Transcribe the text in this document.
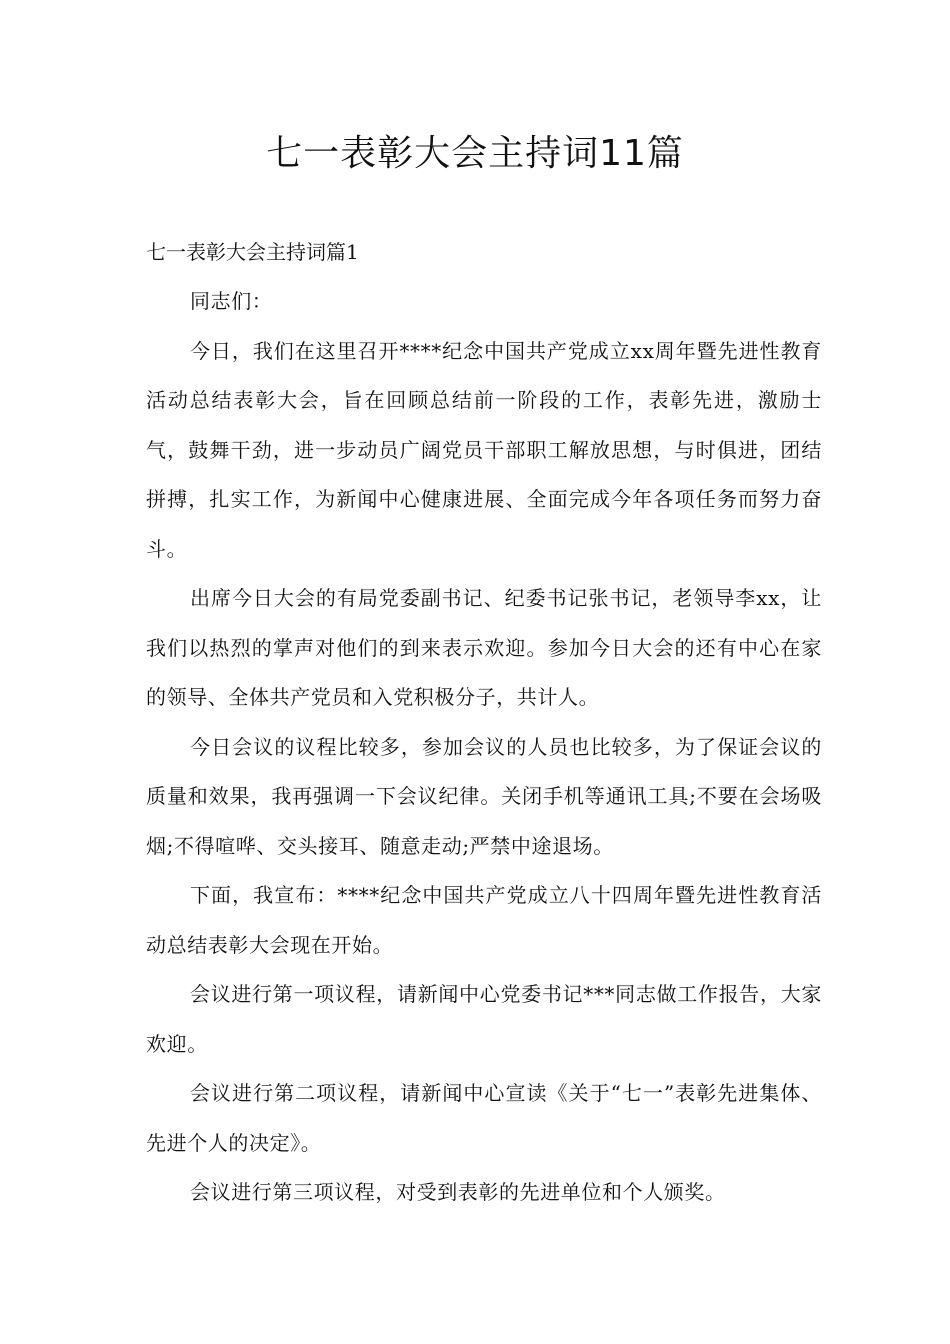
七一表彰大会主持词11篇

七一表彰大会主持词篇1

同志们：

今日，我们在这里召开****纪念中国共产党成立xx周年暨先进性教育活动总结表彰大会，旨在回顾总结前一阶段的工作，表彰先进，激励士气，鼓舞干劲，进一步动员广阔党员干部职工解放思想，与时俱进，团结拼搏，扎实工作，为新闻中心健康进展、全面完成今年各项任务而努力奋斗。

出席今日大会的有局党委副书记、纪委书记张书记，老领导李xx，让我们以热烈的掌声对他们的到来表示欢迎。参加今日大会的还有中心在家的领导、全体共产党员和入党积极分子，共计人。

今日会议的议程比较多，参加会议的人员也比较多，为了保证会议的质量和效果，我再强调一下会议纪律。关闭手机等通讯工具;不要在会场吸烟;不得喧哗、交头接耳、随意走动;严禁中途退场。

下面，我宣布：****纪念中国共产党成立八十四周年暨先进性教育活动总结表彰大会现在开始。

会议进行第一项议程，请新闻中心党委书记***同志做工作报告，大家欢迎。

会议进行第二项议程，请新闻中心宣读《关于“七一”表彰先进集体、先进个人的决定》。

会议进行第三项议程，对受到表彰的先进单位和个人颁奖。
